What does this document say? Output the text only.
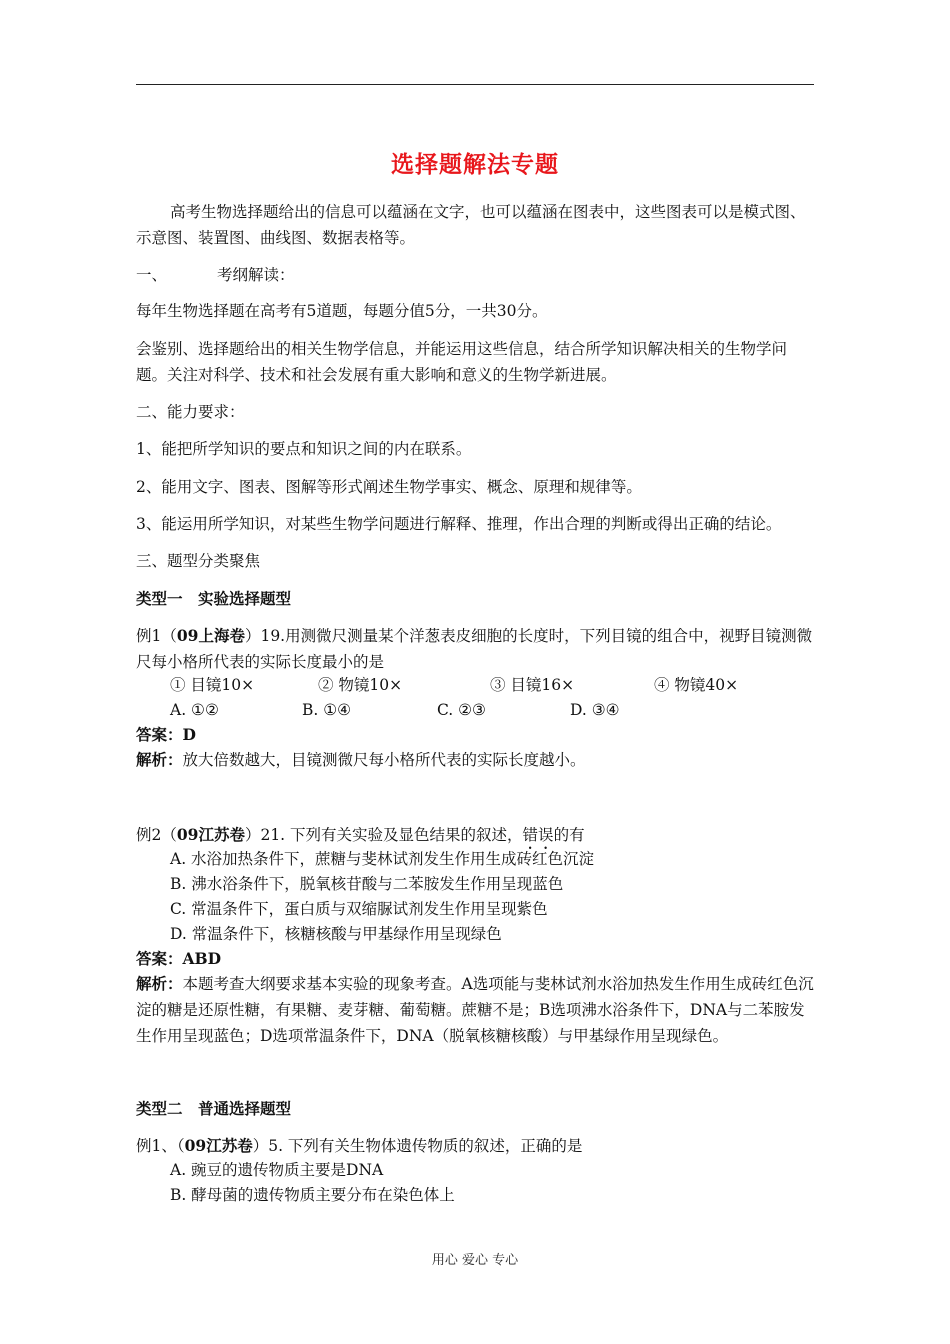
选择题解法专题
高考生物选择题给出的信息可以蕴涵在文字，也可以蕴涵在图表中，这些图表可以是模式图、示意图、装置图、曲线图、数据表格等。
一、	考纲解读：
每年生物选择题在高考有5道题，每题分值5分，一共30分。
会鉴别、选择题给出的相关生物学信息，并能运用这些信息，结合所学知识解决相关的生物学问题。关注对科学、技术和社会发展有重大影响和意义的生物学新进展。
二、能力要求：
1、能把所学知识的要点和知识之间的内在联系。
2、能用文字、图表、图解等形式阐述生物学事实、概念、原理和规律等。
3、能运用所学知识，对某些生物学问题进行解释、推理，作出合理的判断或得出正确的结论。
三、题型分类聚焦
类型一　实验选择题型
例1（09上海卷）19.用测微尺测量某个洋葱表皮细胞的长度时，下列目镜的组合中，视野目镜测微尺每小格所代表的实际长度最小的是
① 目镜10×	② 物镜10×	③ 目镜16×	④ 物镜40×
A. ①②	B. ①④	C. ②③	D. ③④
答案：D
解析：放大倍数越大，目镜测微尺每小格所代表的实际长度越小。
例2（09江苏卷）21. 下列有关实验及显色结果的叙述，错误的有
A. 水浴加热条件下，蔗糖与斐林试剂发生作用生成砖红色沉淀
B. 沸水浴条件下，脱氧核苷酸与二苯胺发生作用呈现蓝色
C. 常温条件下，蛋白质与双缩脲试剂发生作用呈现紫色
D. 常温条件下，核糖核酸与甲基绿作用呈现绿色
答案：ABD
解析：本题考查大纲要求基本实验的现象考查。A选项能与斐林试剂水浴加热发生作用生成砖红色沉淀的糖是还原性糖，有果糖、麦芽糖、葡萄糖。蔗糖不是；B选项沸水浴条件下，DNA与二苯胺发生作用呈现蓝色；D选项常温条件下，DNA（脱氧核糖核酸）与甲基绿作用呈现绿色。
类型二　普通选择题型
例1、（09江苏卷）5. 下列有关生物体遗传物质的叙述，正确的是
A. 豌豆的遗传物质主要是DNA
B. 酵母菌的遗传物质主要分布在染色体上
用心 爱心 专心
